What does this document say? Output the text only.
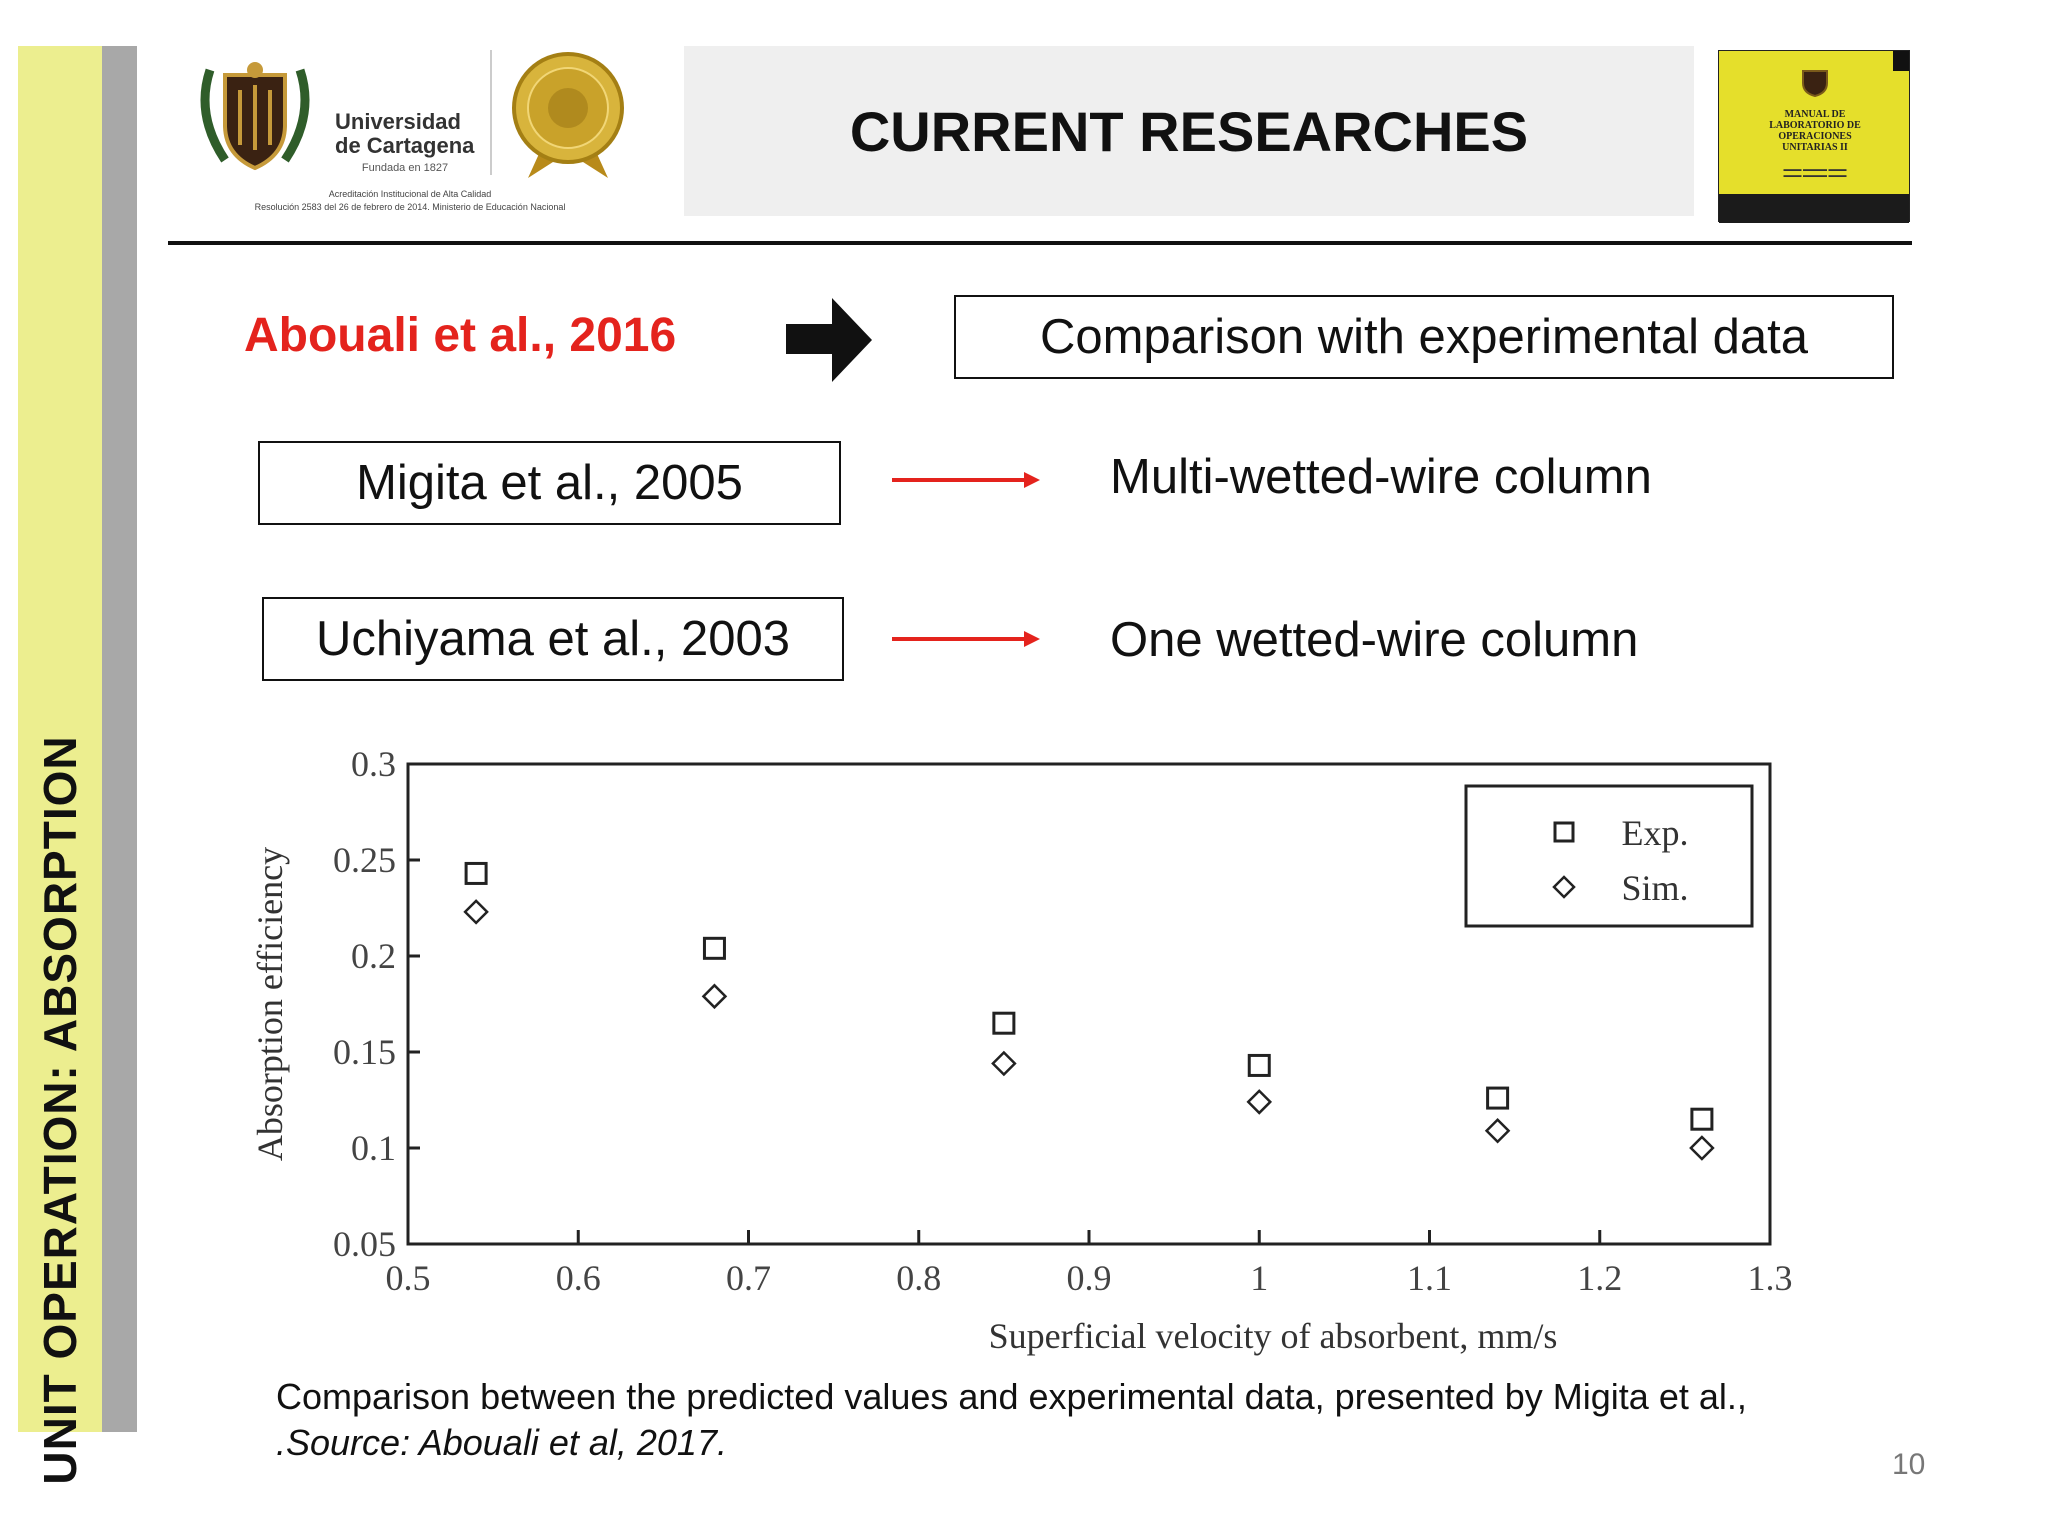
UNIT OPERATION: ABSORPTION
Universidad
de Cartagena
Fundada en 1827
Acreditación Institucional de Alta Calidad
Resolución 2583 del 26 de febrero de 2014. Ministerio de Educación Nacional
CURRENT RESEARCHES	MANUAL DE
LABORATORIO DE
OPERACIONES
UNITARIAS II
▬▬▬ ▬▬▬▬ ▬▬▬
▬▬▬ ▬▬▬▬ ▬▬▬
Abouali et al., 2016	Comparison with experimental data
Migita et al., 2005	Multi-wetted-wire column
Uchiyama et al., 2003	One wetted-wire column
0.5	0.6	0.7	0.8	0.9	1	1.1	1.2	1.3
0.3
0.25
0.2
0.15
0.1
0.05
Superficial velocity of absorbent, mm/s
Absorption efficiency
Exp.
Sim.
Comparison between the predicted values and experimental data, presented by Migita et al., .Source: Abouali et al, 2017.
10
